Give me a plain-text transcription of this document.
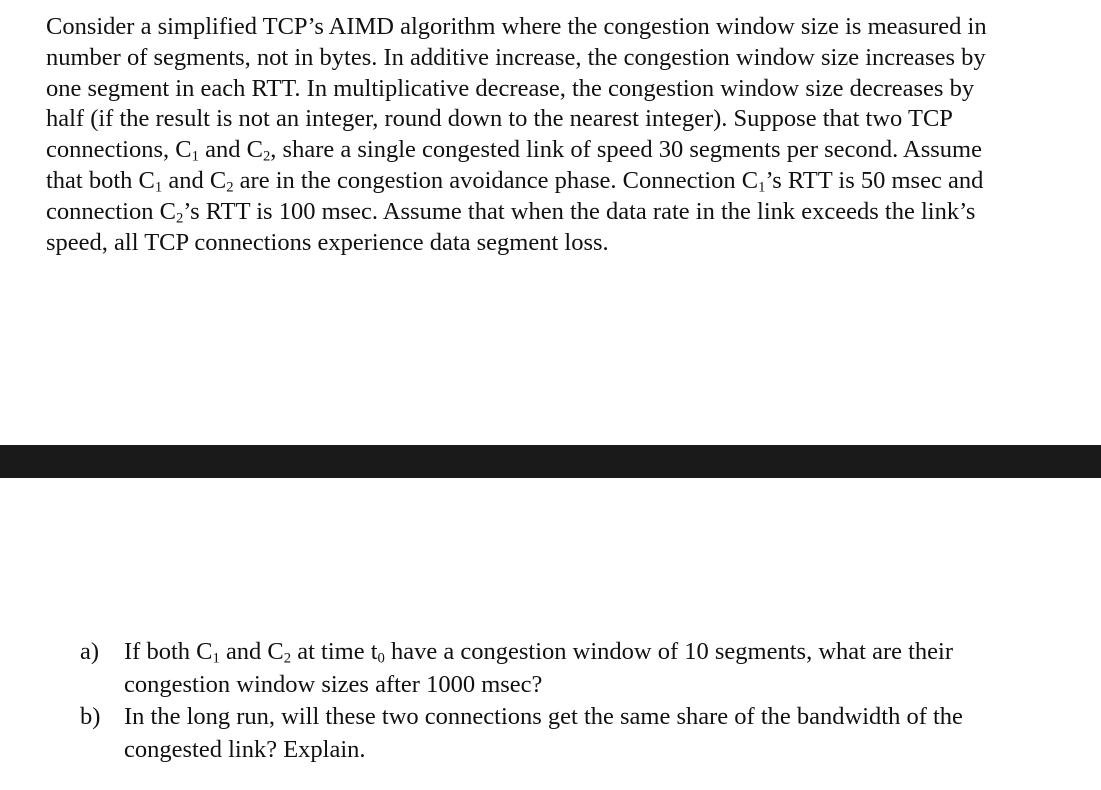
Consider a simplified TCP’s AIMD algorithm where the congestion window size is measured in
number of segments, not in bytes. In additive increase, the congestion window size increases by
one segment in each RTT. In multiplicative decrease, the congestion window size decreases by
half (if the result is not an integer, round down to the nearest integer). Suppose that two TCP
connections, $C_1$ and $C_2$, share a single congested link of speed 30 segments per second. Assume
that both $C_1$ and $C_2$ are in the congestion avoidance phase. Connection $C_1’s$ RTT is 50 msec and
connection $C_2’s$ RTT is 100 msec. Assume that when the data rate in the link exceeds the link’s
speed, all TCP connections experience data segment loss.
a)	If both $C_1$ and $C_2$ at time $t_0$ have a congestion window of 10 segments, what are their
congestion window sizes after 1000 msec?
b) In the long run, will these two connections get the same share of the bandwidth of the
congested link? Explain.
